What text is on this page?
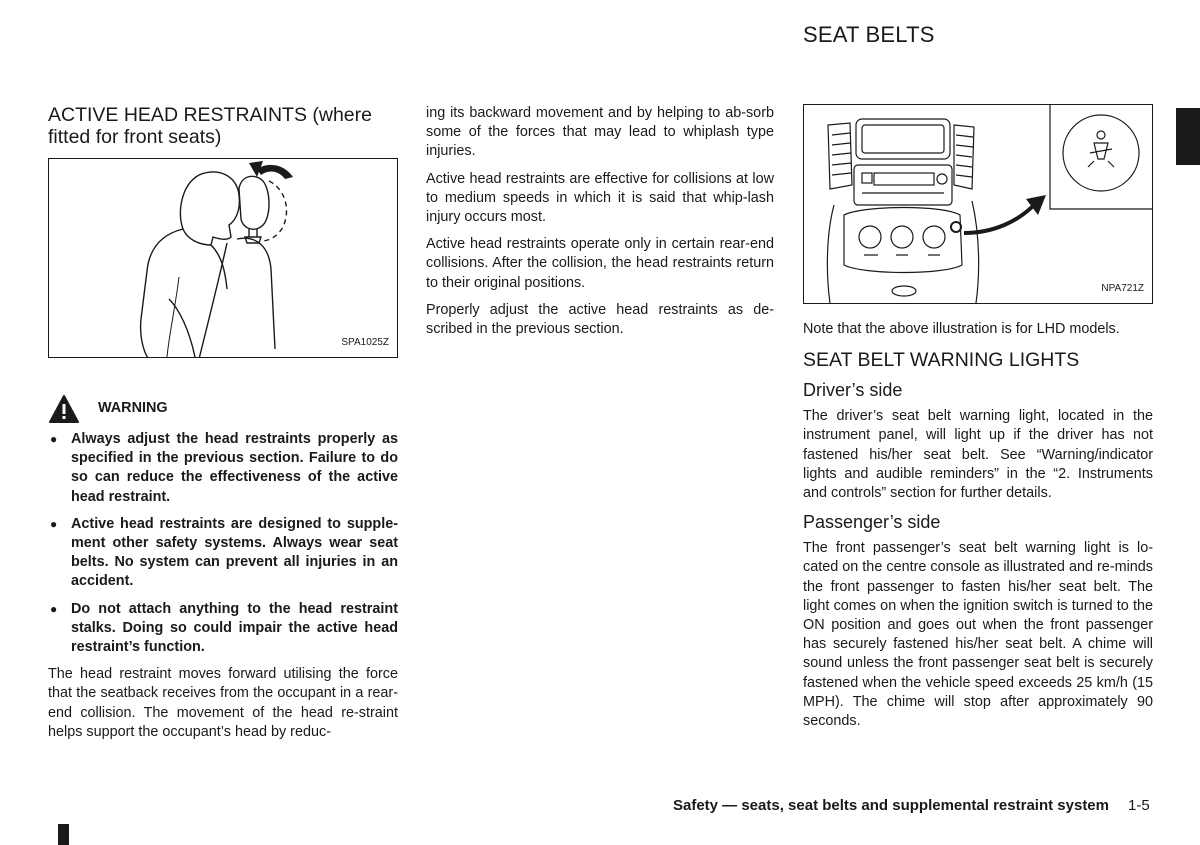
SEAT BELTS
ACTIVE HEAD RESTRAINTS (where fitted for front seats)
SPA1025Z
WARNING
● Always adjust the head restraints properly as specified in the previous section. Failure to do so can reduce the effectiveness of the active head restraint.
● Active head restraints are designed to supple-ment other safety systems. Always wear seat belts. No system can prevent all injuries in an accident.
● Do not attach anything to the head restraint stalks. Doing so could impair the active head restraint’s function.

The head restraint moves forward utilising the force that the seatback receives from the occupant in a rear-end collision. The movement of the head re-straint helps support the occupant’s head by reduc-

ing its backward movement and by helping to ab-sorb some of the forces that may lead to whiplash type injuries.

Active head restraints are effective for collisions at low to medium speeds in which it is said that whip-lash injury occurs most.

Active head restraints operate only in certain rear-end collisions. After the collision, the head restraints return to their original positions.

Properly adjust the active head restraints as de-scribed in the previous section.

NPA721Z

Note that the above illustration is for LHD models.

SEAT BELT WARNING LIGHTS
Driver’s side

The driver’s seat belt warning light, located in the instrument panel, will light up if the driver has not fastened his/her seat belt. See “Warning/indicator lights and audible reminders” in the “2. Instruments and controls” section for further details.

Passenger’s side

The front passenger’s seat belt warning light is lo-cated on the centre console as illustrated and re-minds the front passenger to fasten his/her seat belt. The light comes on when the ignition switch is turned to the ON position and goes out when the front passenger has securely fastened his/her seat belt. A chime will sound unless the front passenger seat belt is securely fastened when the vehicle speed exceeds 25 km/h (15 MPH). The chime will stop after approximately 90 seconds.

Safety — seats, seat belts and supplemental restraint system 1-5
